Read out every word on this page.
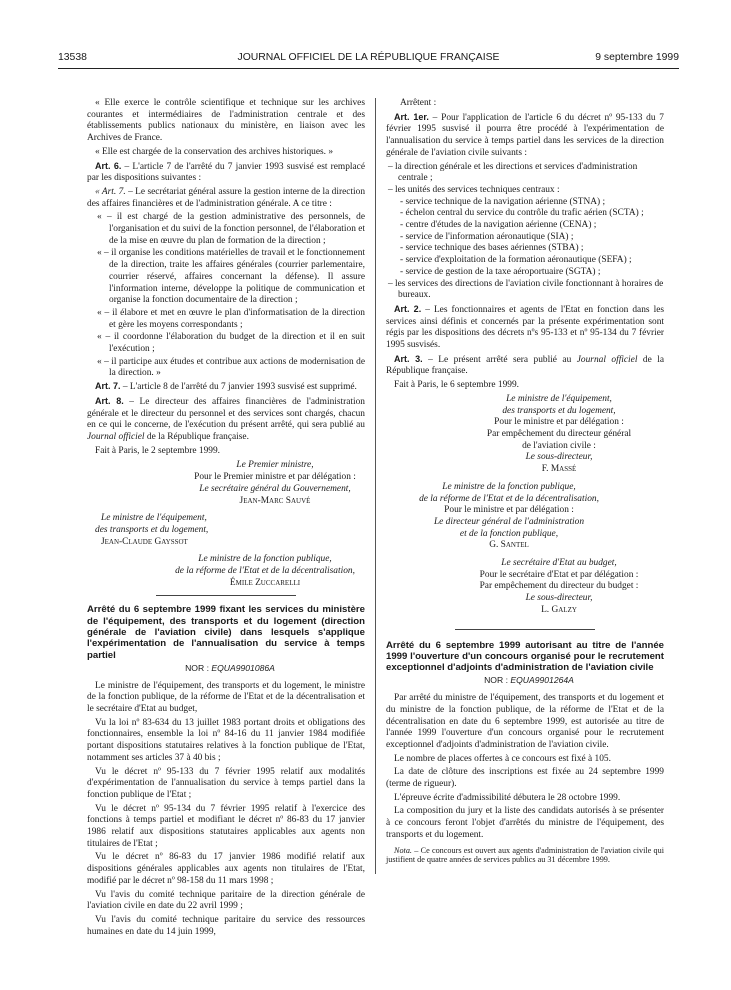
13538	JOURNAL OFFICIEL DE LA RÉPUBLIQUE FRANÇAISE	9 septembre 1999

« Elle exerce le contrôle scientifique et technique sur les archives courantes et intermédiaires de l'administration centrale et des établissements publics nationaux du ministère, en liaison avec les Archives de France.

« Elle est chargée de la conservation des archives historiques. »

Art. 6. – L'article 7 de l'arrêté du 7 janvier 1993 susvisé est remplacé par les dispositions suivantes :

« Art. 7. – Le secrétariat général assure la gestion interne de la direction des affaires financières et de l'administration générale. A ce titre :

« – il est chargé de la gestion administrative des personnels, de l'organisation et du suivi de la fonction personnel, de l'élaboration et de la mise en œuvre du plan de formation de la direction ;

« – il organise les conditions matérielles de travail et le fonctionnement de la direction, traite les affaires générales (courrier parlementaire, courrier réservé, affaires concernant la défense). Il assure l'information interne, développe la politique de communication et organise la fonction documentaire de la direction ;

« – il élabore et met en œuvre le plan d'informatisation de la direction et gère les moyens correspondants ;

« – il coordonne l'élaboration du budget de la direction et il en suit l'exécution ;

« – il participe aux études et contribue aux actions de modernisation de la direction. »

Art. 7. – L'article 8 de l'arrêté du 7 janvier 1993 susvisé est supprimé.

Art. 8. – Le directeur des affaires financières de l'administration générale et le directeur du personnel et des services sont chargés, chacun en ce qui le concerne, de l'exécution du présent arrêté, qui sera publié au Journal officiel de la République française.

Fait à Paris, le 2 septembre 1999.

Le Premier ministre,

Pour le Premier ministre et par délégation :

Le secrétaire général du Gouvernement,

Jean-Marc Sauvé

Le ministre de l'équipement,

des transports et du logement,

Jean-Claude Gayssot

Le ministre de la fonction publique,

de la réforme de l'Etat et de la décentralisation,

Émile Zuccarelli

Arrêté du 6 septembre 1999 fixant les services du ministère de l'équipement, des transports et du logement (direction générale de l'aviation civile) dans lesquels s'applique l'expérimentation de l'annualisation du service à temps partiel

NOR : EQUA9901086A

Le ministre de l'équipement, des transports et du logement, le ministre de la fonction publique, de la réforme de l'Etat et de la décentralisation et le secrétaire d'Etat au budget,

Vu la loi nº 83-634 du 13 juillet 1983 portant droits et obligations des fonctionnaires, ensemble la loi nº 84-16 du 11 janvier 1984 modifiée portant dispositions statutaires relatives à la fonction publique de l'Etat, notamment ses articles 37 à 40 bis ;

Vu le décret nº 95-133 du 7 février 1995 relatif aux modalités d'expérimentation de l'annualisation du service à temps partiel dans la fonction publique de l'Etat ;

Vu le décret nº 95-134 du 7 février 1995 relatif à l'exercice des fonctions à temps partiel et modifiant le décret nº 86-83 du 17 janvier 1986 relatif aux dispositions statutaires applicables aux agents non titulaires de l'Etat ;

Vu le décret nº 86-83 du 17 janvier 1986 modifié relatif aux dispositions générales applicables aux agents non titulaires de l'Etat, modifié par le décret nº 98-158 du 11 mars 1998 ;

Vu l'avis du comité technique paritaire de la direction générale de l'aviation civile en date du 22 avril 1999 ;

Vu l'avis du comité technique paritaire du service des ressources humaines en date du 14 juin 1999,

Arrêtent :

Art. 1er. – Pour l'application de l'article 6 du décret nº 95-133 du 7 février 1995 susvisé il pourra être procédé à l'expérimentation de l'annualisation du service à temps partiel dans les services de la direction générale de l'aviation civile suivants :

– la direction générale et les directions et services d'administration centrale ;

– les unités des services techniques centraux :

- service technique de la navigation aérienne (STNA) ;

- échelon central du service du contrôle du trafic aérien (SCTA) ;

- centre d'études de la navigation aérienne (CENA) ;

- service de l'information aéronautique (SIA) ;

- service technique des bases aériennes (STBA) ;

- service d'exploitation de la formation aéronautique (SEFA) ;

- service de gestion de la taxe aéroportuaire (SGTA) ;

– les services des directions de l'aviation civile fonctionnant à horaires de bureaux.

Art. 2. – Les fonctionnaires et agents de l'Etat en fonction dans les services ainsi définis et concernés par la présente expérimentation sont régis par les dispositions des décrets nºs 95-133 et nº 95-134 du 7 février 1995 susvisés.

Art. 3. – Le présent arrêté sera publié au Journal officiel de la République française.

Fait à Paris, le 6 septembre 1999.

Le ministre de l'équipement,

des transports et du logement,

Pour le ministre et par délégation :

Par empêchement du directeur général

de l'aviation civile :

Le sous-directeur,

F. Massé

Le ministre de la fonction publique,

de la réforme de l'Etat et de la décentralisation,

Pour le ministre et par délégation :

Le directeur général de l'administration

et de la fonction publique,

G. Santel

Le secrétaire d'Etat au budget,

Pour le secrétaire d'Etat et par délégation :

Par empêchement du directeur du budget :

Le sous-directeur,

L. Galzy

Arrêté du 6 septembre 1999 autorisant au titre de l'année 1999 l'ouverture d'un concours organisé pour le recrutement exceptionnel d'adjoints d'administration de l'aviation civile

NOR : EQUA9901264A

Par arrêté du ministre de l'équipement, des transports et du logement et du ministre de la fonction publique, de la réforme de l'Etat et de la décentralisation en date du 6 septembre 1999, est autorisée au titre de l'année 1999 l'ouverture d'un concours organisé pour le recrutement exceptionnel d'adjoints d'administration de l'aviation civile.

Le nombre de places offertes à ce concours est fixé à 105.

La date de clôture des inscriptions est fixée au 24 septembre 1999 (terme de rigueur).

L'épreuve écrite d'admissibilité débutera le 28 octobre 1999.

La composition du jury et la liste des candidats autorisés à se présenter à ce concours feront l'objet d'arrêtés du ministre de l'équipement, des transports et du logement.

Nota. – Ce concours est ouvert aux agents d'administration de l'aviation civile qui justifient de quatre années de services publics au 31 décembre 1999.
